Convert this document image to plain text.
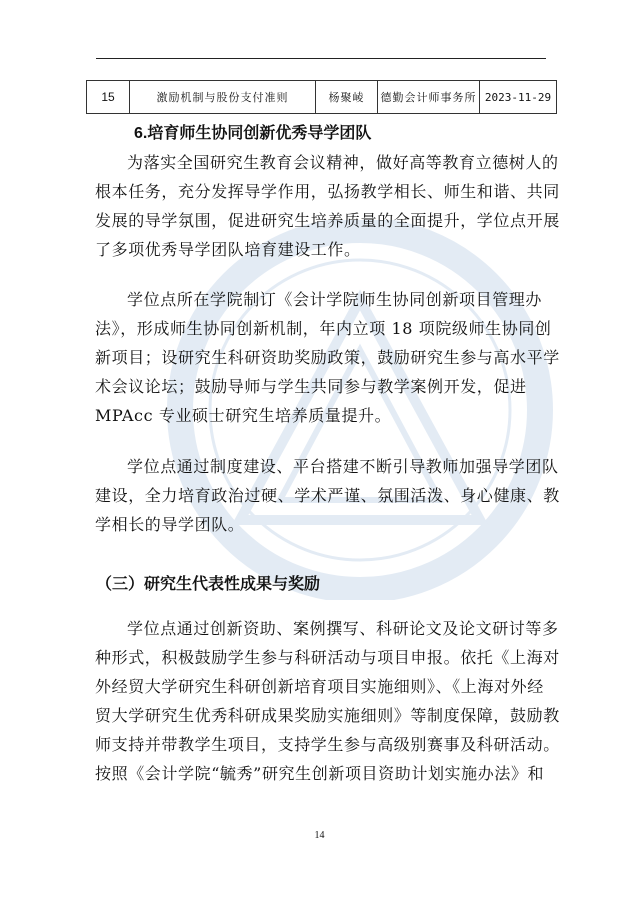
15	激励机制与股份支付准则	杨聚崚	德勤会计师事务所	2023-11-29
6.培育师生协同创新优秀导学团队
为落实全国研究生教育会议精神，做好高等教育立德树人的
根本任务，充分发挥导学作用，弘扬教学相长、师生和谐、共同
发展的导学氛围，促进研究生培养质量的全面提升，学位点开展
了多项优秀导学团队培育建设工作。
学位点所在学院制订《会计学院师生协同创新项目管理办
法》，形成师生协同创新机制，年内立项 18 项院级师生协同创
新项目；设研究生科研资助奖励政策，鼓励研究生参与高水平学
术会议论坛；鼓励导师与学生共同参与教学案例开发，促进
MPAcc 专业硕士研究生培养质量提升。
学位点通过制度建设、平台搭建不断引导教师加强导学团队
建设，全力培育政治过硬、学术严谨、氛围活泼、身心健康、教
学相长的导学团队。
（三）研究生代表性成果与奖励
学位点通过创新资助、案例撰写、科研论文及论文研讨等多
种形式，积极鼓励学生参与科研活动与项目申报。依托《上海对
外经贸大学研究生科研创新培育项目实施细则》、《上海对外经
贸大学研究生优秀科研成果奖励实施细则》等制度保障，鼓励教
师支持并带教学生项目，支持学生参与高级别赛事及科研活动。
按照《会计学院“毓秀”研究生创新项目资助计划实施办法》和
14
